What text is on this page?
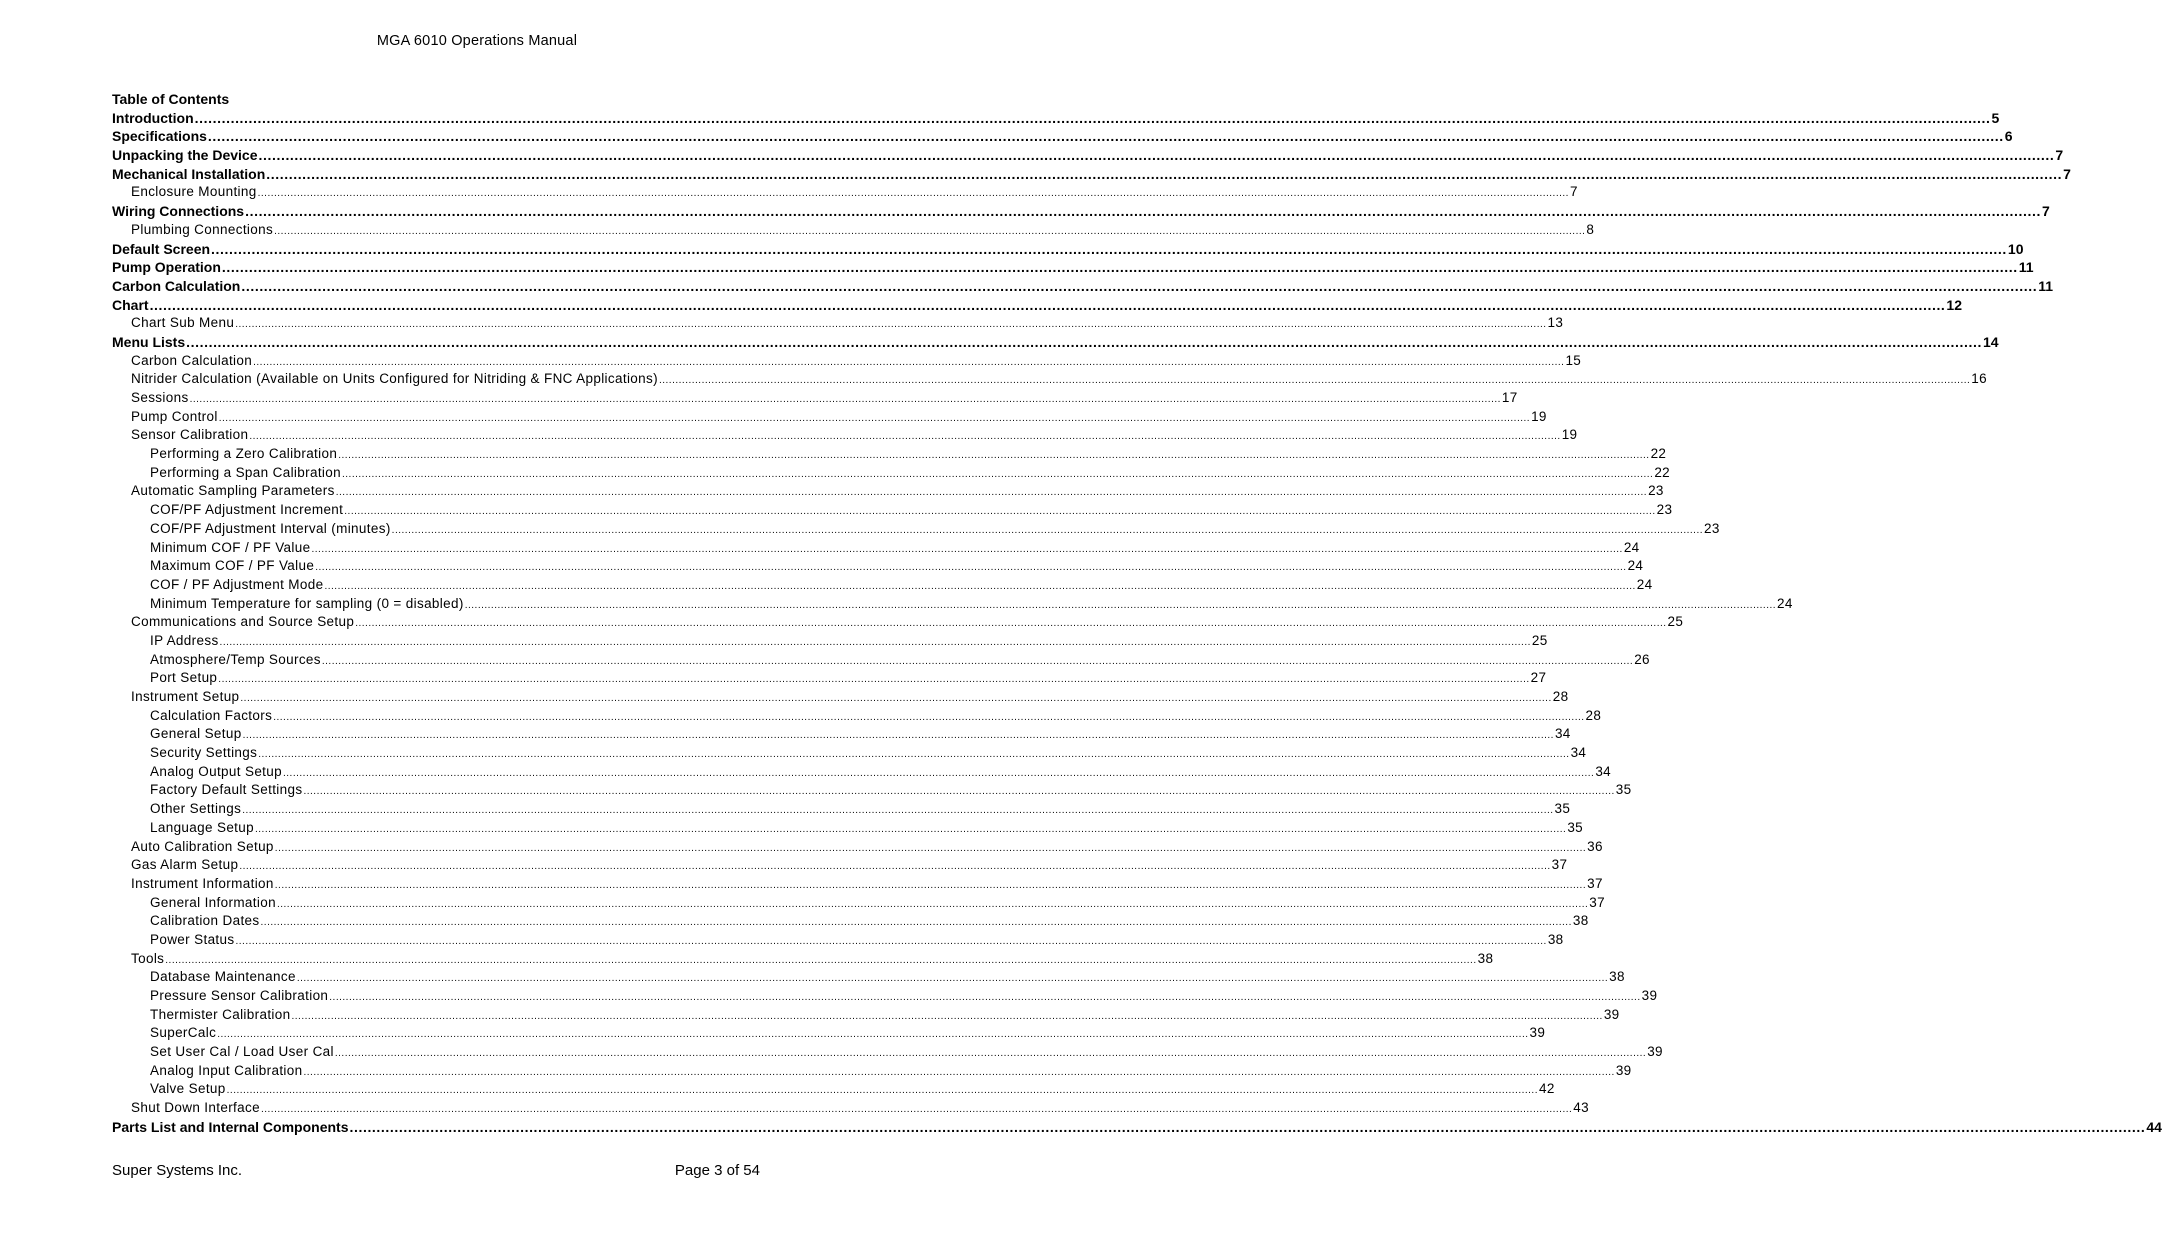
MGA 6010 Operations Manual
Table of Contents
Introduction ................................................................................................................................................................................................................................................................................................................................................................................................................ 5
Specifications ................................................................................................................................................................................................................................................................................................................................................................................................................ 6
Unpacking the Device ................................................................................................................................................................................................................................................................................................................................................................................................................ 7
Mechanical Installation ................................................................................................................................................................................................................................................................................................................................................................................................................ 7
Enclosure Mounting ................................................................................................................................................................................................................................................................................................................................................................................................................ 7
Wiring Connections ................................................................................................................................................................................................................................................................................................................................................................................................................ 7
Plumbing Connections ................................................................................................................................................................................................................................................................................................................................................................................................................ 8
Default Screen ................................................................................................................................................................................................................................................................................................................................................................................................................ 10
Pump Operation ................................................................................................................................................................................................................................................................................................................................................................................................................ 11
Carbon Calculation ................................................................................................................................................................................................................................................................................................................................................................................................................ 11
Chart ................................................................................................................................................................................................................................................................................................................................................................................................................ 12
Chart Sub Menu ................................................................................................................................................................................................................................................................................................................................................................................................................ 13
Menu Lists ................................................................................................................................................................................................................................................................................................................................................................................................................ 14
Carbon Calculation ................................................................................................................................................................................................................................................................................................................................................................................................................ 15
Nitrider Calculation (Available on Units Configured for Nitriding & FNC Applications) ................................................................................................................................................................................................................................................................................................................................................................................................................ 16
Sessions ................................................................................................................................................................................................................................................................................................................................................................................................................ 17
Pump Control ................................................................................................................................................................................................................................................................................................................................................................................................................ 19
Sensor Calibration ................................................................................................................................................................................................................................................................................................................................................................................................................ 19
Performing a Zero Calibration ................................................................................................................................................................................................................................................................................................................................................................................................................ 22
Performing a Span Calibration ................................................................................................................................................................................................................................................................................................................................................................................................................ 22
Automatic Sampling Parameters ................................................................................................................................................................................................................................................................................................................................................................................................................ 23
COF/PF Adjustment Increment ................................................................................................................................................................................................................................................................................................................................................................................................................ 23
COF/PF Adjustment Interval (minutes) ................................................................................................................................................................................................................................................................................................................................................................................................................ 23
Minimum COF / PF Value ................................................................................................................................................................................................................................................................................................................................................................................................................ 24
Maximum COF / PF Value ................................................................................................................................................................................................................................................................................................................................................................................................................ 24
COF / PF Adjustment Mode ................................................................................................................................................................................................................................................................................................................................................................................................................ 24
Minimum Temperature for sampling (0 = disabled) ................................................................................................................................................................................................................................................................................................................................................................................................................ 24
Communications and Source Setup ................................................................................................................................................................................................................................................................................................................................................................................................................ 25
IP Address ................................................................................................................................................................................................................................................................................................................................................................................................................ 25
Atmosphere/Temp Sources ................................................................................................................................................................................................................................................................................................................................................................................................................ 26
Port Setup ................................................................................................................................................................................................................................................................................................................................................................................................................ 27
Instrument Setup ................................................................................................................................................................................................................................................................................................................................................................................................................ 28
Calculation Factors ................................................................................................................................................................................................................................................................................................................................................................................................................ 28
General Setup ................................................................................................................................................................................................................................................................................................................................................................................................................ 34
Security Settings ................................................................................................................................................................................................................................................................................................................................................................................................................ 34
Analog Output Setup ................................................................................................................................................................................................................................................................................................................................................................................................................ 34
Factory Default Settings ................................................................................................................................................................................................................................................................................................................................................................................................................ 35
Other Settings ................................................................................................................................................................................................................................................................................................................................................................................................................ 35
Language Setup ................................................................................................................................................................................................................................................................................................................................................................................................................ 35
Auto Calibration Setup ................................................................................................................................................................................................................................................................................................................................................................................................................ 36
Gas Alarm Setup ................................................................................................................................................................................................................................................................................................................................................................................................................ 37
Instrument Information ................................................................................................................................................................................................................................................................................................................................................................................................................ 37
General Information ................................................................................................................................................................................................................................................................................................................................................................................................................ 37
Calibration Dates ................................................................................................................................................................................................................................................................................................................................................................................................................ 38
Power Status ................................................................................................................................................................................................................................................................................................................................................................................................................ 38
Tools ................................................................................................................................................................................................................................................................................................................................................................................................................ 38
Database Maintenance ................................................................................................................................................................................................................................................................................................................................................................................................................ 38
Pressure Sensor Calibration ................................................................................................................................................................................................................................................................................................................................................................................................................ 39
Thermister Calibration ................................................................................................................................................................................................................................................................................................................................................................................................................ 39
SuperCalc ................................................................................................................................................................................................................................................................................................................................................................................................................ 39
Set User Cal / Load User Cal ................................................................................................................................................................................................................................................................................................................................................................................................................ 39
Analog Input Calibration ................................................................................................................................................................................................................................................................................................................................................................................................................ 39
Valve Setup ................................................................................................................................................................................................................................................................................................................................................................................................................ 42
Shut Down Interface ................................................................................................................................................................................................................................................................................................................................................................................................................ 43
Parts List and Internal Components ................................................................................................................................................................................................................................................................................................................................................................................................................ 44
Super Systems Inc.	Page 3 of 54
